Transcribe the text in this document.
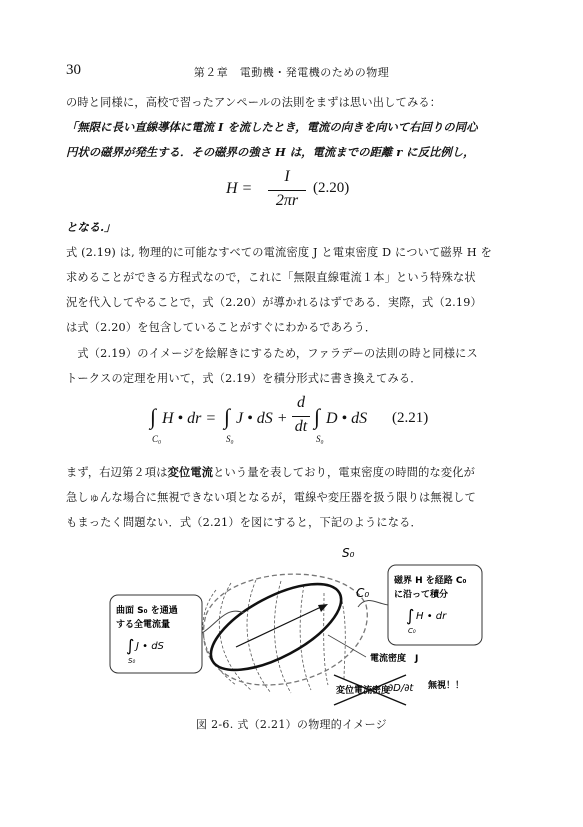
30	第２章　電動機・発電機のための物理
の時と同様に，高校で習ったアンペールの法則をまずは思い出してみる：
「無限に長い直線導体に電流 I を流したとき，電流の向きを向いて右回りの同心
円状の磁界が発生する．その磁界の強さ H は，電流までの距離 r に反比例し，
H =
I
2πr
(2.20)
となる.」
式 (2.19) は, 物理的に可能なすべての電流密度 J と電束密度 D について磁界 H を
求めることができる方程式なので，これに「無限直線電流１本」という特殊な状
況を代入してやることで，式（2.20）が導かれるはずである．実際，式（2.19）
は式（2.20）を包含していることがすぐにわかるであろう．
　式（2.19）のイメージを絵解きにするため，ファラデーの法則の時と同様にス
トークスの定理を用いて，式（2.19）を積分形式に書き換えてみる．
∫
C₀
H • dr = ∫
S₀
J • dS +
d
dt ∫
S₀
D • dS (2.21)
まず，右辺第２項は変位電流という量を表しており，電束密度の時間的な変化が
急しゅんな場合に無視できない項となるが，電線や変圧器を扱う限りは無視して
もまったく問題ない．式（2.21）を図にすると，下記のようになる．
S₀
C₀
曲面 S₀ を通過
する全電流量
∫ J • dS
S₀
磁界 H を経路 C₀
に沿って積分
∫ H • dr
C₀
電流密度　J
変位電流密度
∂D/∂t 無視！！
図 2-6. 式（2.21）の物理的イメージ
